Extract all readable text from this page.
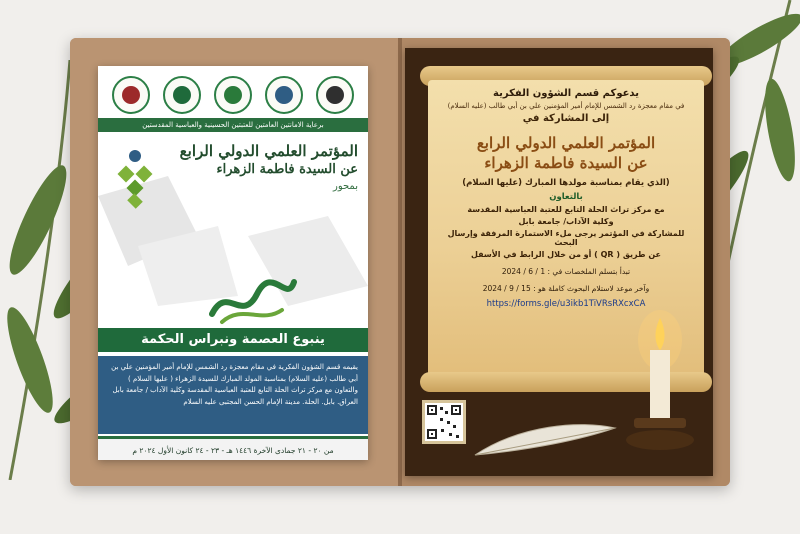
برعاية الامانتين العامتين للعتبتين الحسينية والعباسية المقدستين
المؤتمر العلمي الدولي الرابع
عن السيدة فاطمة الزهراء
بمحور
ينبوع العصمة ونبراس الحكمة
يقيمه قسم الشؤون الفكرية في مقام معجزة رد الشمس للإمام أمير المؤمنين علي بن أبي طالب (عليه السلام) بمناسبة المولد المبارك للسيدة الزهراء ( عليها السلام ) والتعاون مع مركز تراث الحلة التابع للعتبة العباسية المقدسة وكلية الآداب / جامعة بابل العراق. بابل. الحلة. مدينة الإمام الحسن المجتبى عليه السلام
من ٢٠ - ٢١ جمادى الآخرة ١٤٤٦ هـ - ٢٣ - ٢٤ كانون الأول ٢٠٢٤ م
يدعوكم قسم الشؤون الفكرية
في مقام معجزة رد الشمس للإمام أمير المؤمنين علي بن أبي طالب (عليه السلام)
إلى المشاركة في
المؤتمر العلمي الدولي الرابع
عن السيدة فاطمة الزهراء
(الذي يقام بمناسبة مولدها المبارك (عليها السلام)
بالتعاون
مع مركز تراث الحلة التابع للعتبة العباسية المقدسة
وكلية الآداب/ جامعة بابل
للمشاركة في المؤتمر يرجى ملء الاستمارة المرفقة وإرسال البحث
عن طريق ( QR ) أو من خلال الرابط في الأسفل
تبدأ بتسلم الملخصات في : 1 / 6 / 2024
وآخر موعد لاستلام البحوث كاملة هو : 15 / 9 / 2024
https://forms.gle/u3ikb1TiVRsRXcxCA
